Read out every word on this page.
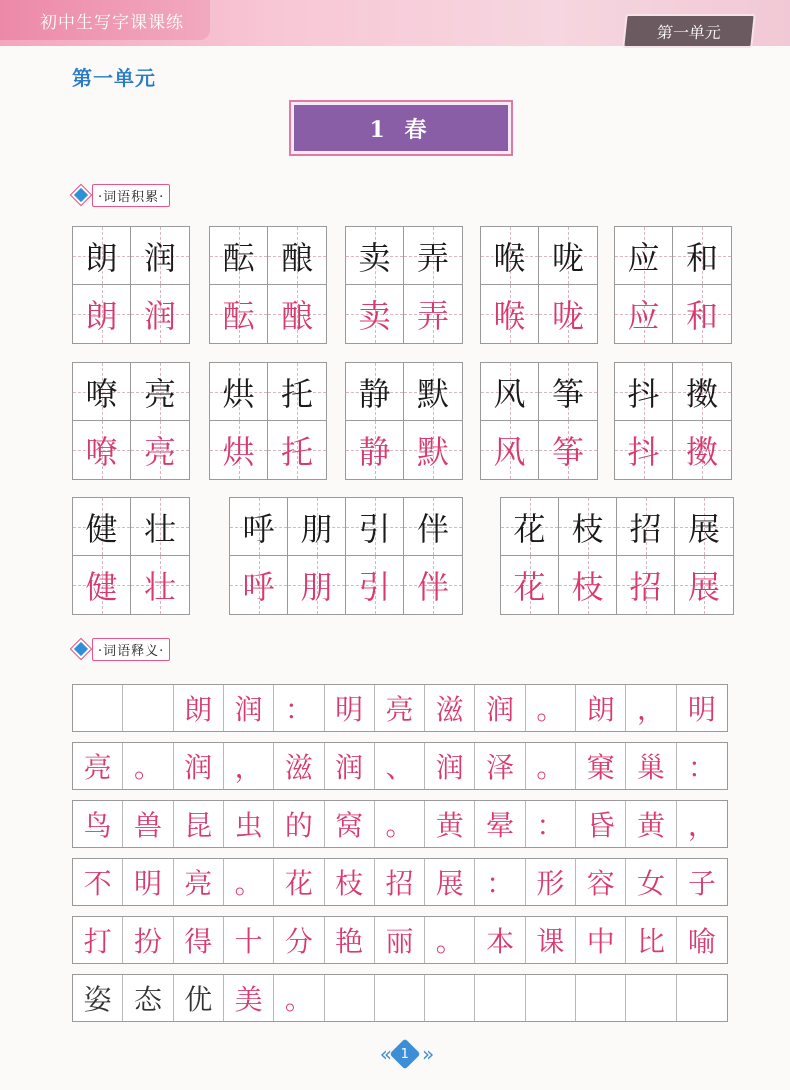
初中生写字课课练	第一单元
第一单元
1 春
·词语积累·
朗 润
朗 润
酝 酿
酝 酿
卖 弄
卖 弄
喉 咙
喉 咙
应 和
应 和
嘹 亮
嘹 亮
烘 托
烘 托
静 默
静 默
风 筝
风 筝
抖 擞
抖 擞
健 壮
健 壮
呼 朋 引 伴
呼 朋 引 伴
花 枝 招 展
花 枝 招 展
·词语释义·
朗 润 ： 明 亮 滋 润 。 朗 ， 明
亮 。 润 ， 滋 润 、 润 泽 。 窠 巢 ：
鸟 兽 昆 虫 的 窝 。 黄 晕 ： 昏 黄 ，
不 明 亮 。 花 枝 招 展 ： 形 容 女 子
打 扮 得 十 分 艳 丽 。 本 课 中 比 喻
姿 态 优 美 。
« 1 »
